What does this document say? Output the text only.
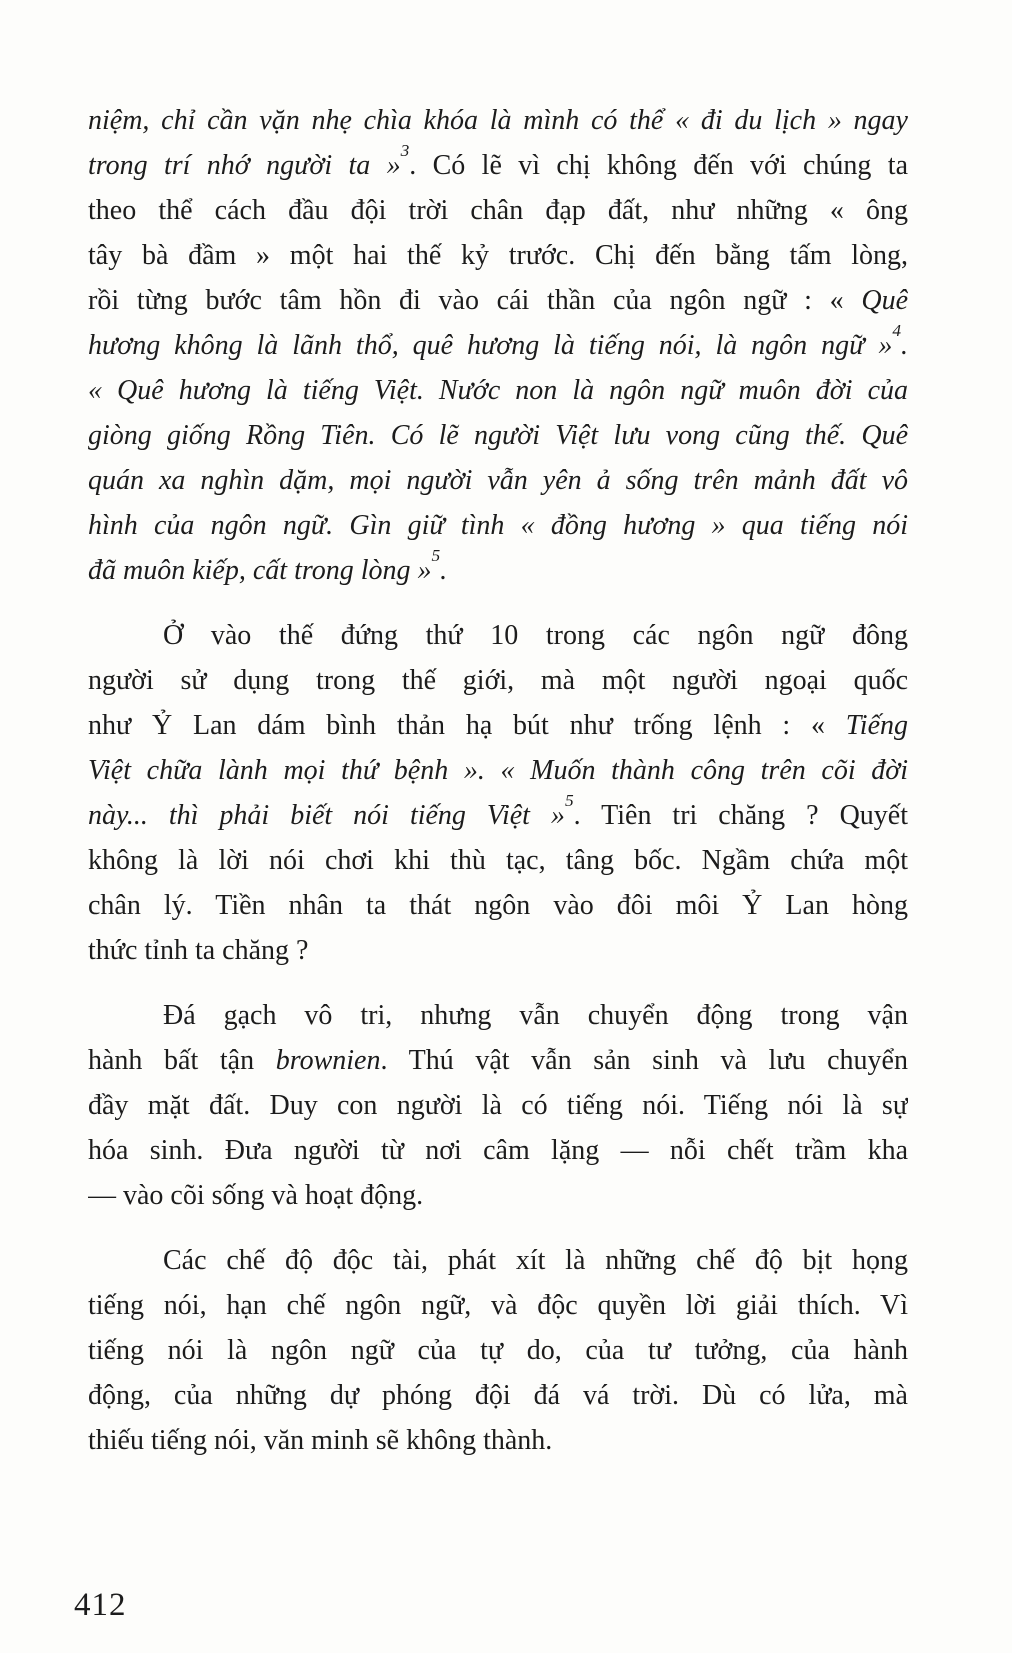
niệm, chỉ cần vặn nhẹ chìa khóa là mình có thể « đi du lịch » ngay
trong trí nhớ người ta »$^3$. Có lẽ vì chị không đến với chúng ta
theo thể cách đầu đội trời chân đạp đất, như những « ông
tây bà đầm » một hai thế kỷ trước. Chị đến bằng tấm lòng,
rồi từng bước tâm hồn đi vào cái thần của ngôn ngữ : « Quê
hương không là lãnh thổ, quê hương là tiếng nói, là ngôn ngữ »$^4$.
« Quê hương là tiếng Việt. Nước non là ngôn ngữ muôn đời của
giòng giống Rồng Tiên. Có lẽ người Việt lưu vong cũng thế. Quê
quán xa nghìn dặm, mọi người vẫn yên ả sống trên mảnh đất vô
hình của ngôn ngữ. Gìn giữ tình « đồng hương » qua tiếng nói
đã muôn kiếp, cất trong lòng »$^5$.
Ở vào thế đứng thứ 10 trong các ngôn ngữ đông
người sử dụng trong thế giới, mà một người ngoại quốc
như Ỷ Lan dám bình thản hạ bút như trống lệnh : « Tiếng
Việt chữa lành mọi thứ bệnh ». « Muốn thành công trên cõi đời
này... thì phải biết nói tiếng Việt »$^5$. Tiên tri chăng ? Quyết
không là lời nói chơi khi thù tạc, tâng bốc. Ngầm chứa một
chân lý. Tiền nhân ta thát ngôn vào đôi môi Ỷ Lan hòng
thức tỉnh ta chăng ?
Đá gạch vô tri, nhưng vẫn chuyển động trong vận
hành bất tận brownien. Thú vật vẫn sản sinh và lưu chuyển
đầy mặt đất. Duy con người là có tiếng nói. Tiếng nói là sự
hóa sinh. Đưa người từ nơi câm lặng — nỗi chết trầm kha
— vào cõi sống và hoạt động.
Các chế độ độc tài, phát xít là những chế độ bịt họng
tiếng nói, hạn chế ngôn ngữ, và độc quyền lời giải thích. Vì
tiếng nói là ngôn ngữ của tự do, của tư tưởng, của hành
động, của những dự phóng đội đá vá trời. Dù có lửa, mà
thiếu tiếng nói, văn minh sẽ không thành.
412
